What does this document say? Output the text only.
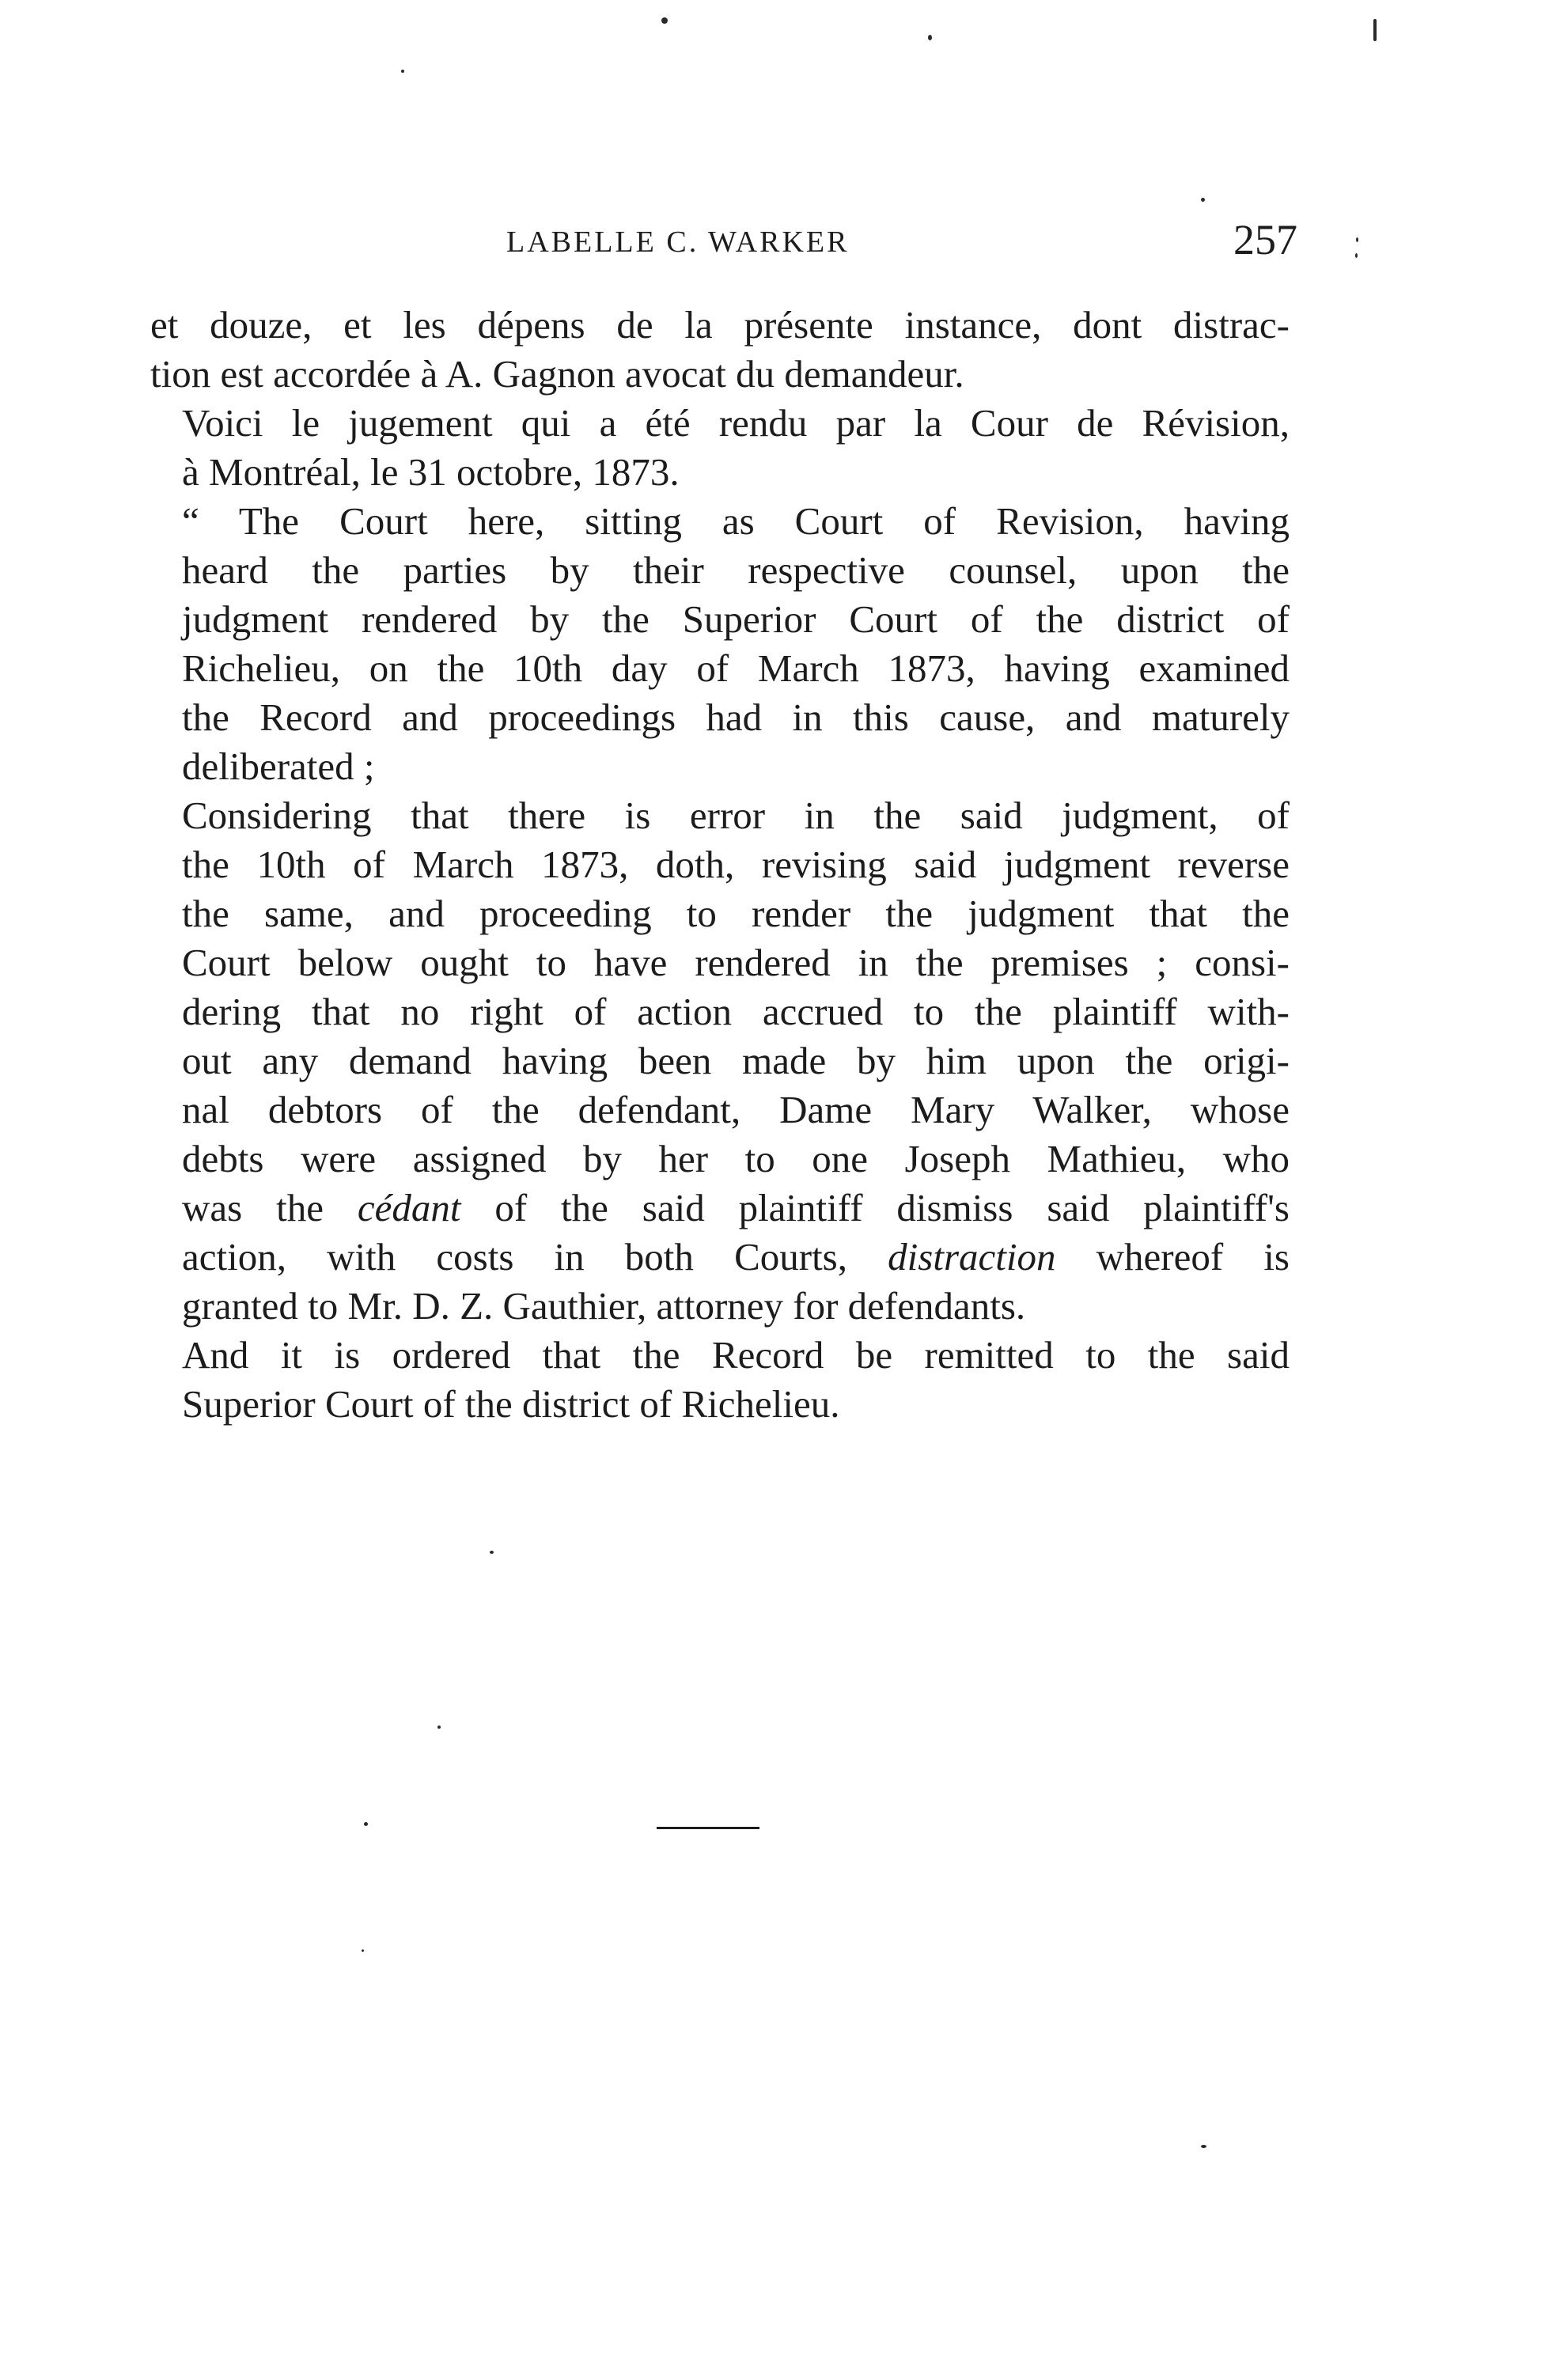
LABELLE C. WARKER	257

et douze, et les dépens de la présente instance, dont distrac-
tion est accordée à A. Gagnon avocat du demandeur.

Voici le jugement qui a été rendu par la Cour de Révision,
à Montréal, le 31 octobre, 1873.

“ The Court here, sitting as Court of Revision, having
heard the parties by their respective counsel, upon the
judgment rendered by the Superior Court of the district of
Richelieu, on the 10th day of March 1873, having examined
the Record and proceedings had in this cause, and maturely
deliberated ;

Considering that there is error in the said judgment, of
the 10th of March 1873, doth, revising said judgment reverse
the same, and proceeding to render the judgment that the
Court below ought to have rendered in the premises ; consi-
dering that no right of action accrued to the plaintiff with-
out any demand having been made by him upon the origi-
nal debtors of the defendant, Dame Mary Walker, whose
debts were assigned by her to one Joseph Mathieu, who
was the cédant of the said plaintiff dismiss said plaintiff's
action, with costs in both Courts, distraction whereof is
granted to Mr. D. Z. Gauthier, attorney for defendants.

And it is ordered that the Record be remitted to the said
Superior Court of the district of Richelieu.
